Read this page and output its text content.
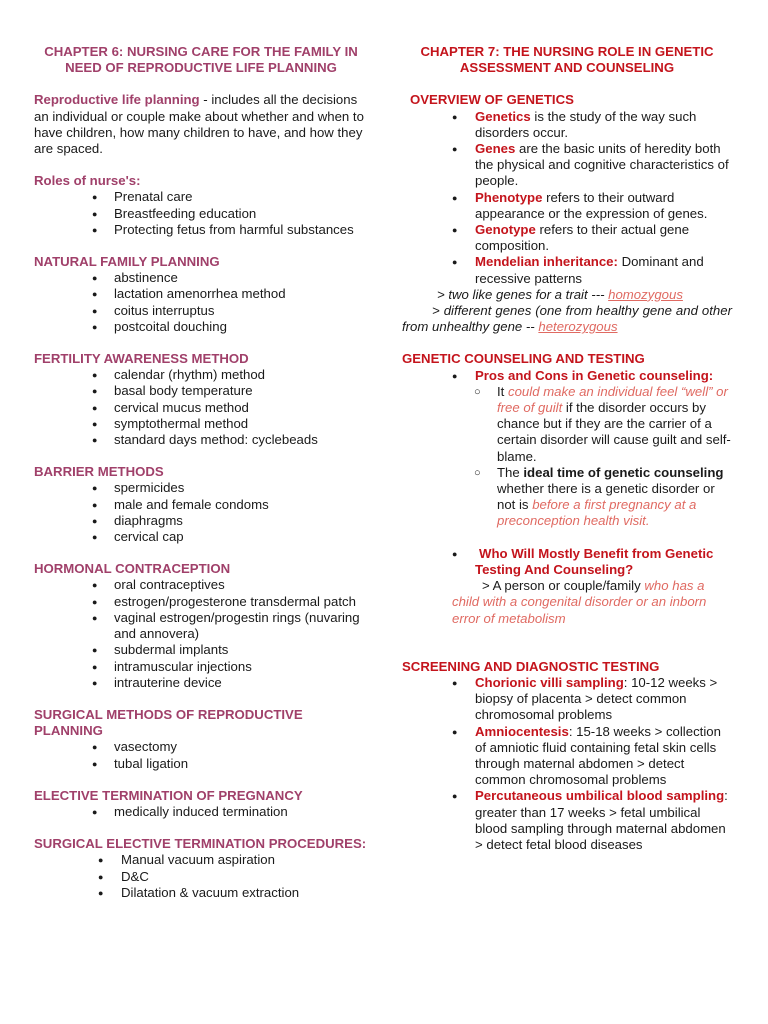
CHAPTER 6: NURSING CARE FOR THE FAMILY IN NEED OF REPRODUCTIVE LIFE PLANNING

Reproductive life planning - includes all the decisions an individual or couple make about whether and when to have children, how many children to have, and how they are spaced.

Roles of nurse's:
● Prenatal care
● Breastfeeding education
● Protecting fetus from harmful substances
NATURAL FAMILY PLANNING
● abstinence
● lactation amenorrhea method
● coitus interruptus
● postcoital douching
FERTILITY AWARENESS METHOD
● calendar (rhythm) method
● basal body temperature
● cervical mucus method
● symptothermal method
● standard days method: cyclebeads
BARRIER METHODS
● spermicides
● male and female condoms
● diaphragms
● cervical cap
HORMONAL CONTRACEPTION
● oral contraceptives
● estrogen/progesterone transdermal patch
● vaginal estrogen/progestin rings (nuvaring and annovera)
● subdermal implants
● intramuscular injections
● intrauterine device
SURGICAL METHODS OF REPRODUCTIVE PLANNING
● vasectomy
● tubal ligation
ELECTIVE TERMINATION OF PREGNANCY
● medically induced termination
SURGICAL ELECTIVE TERMINATION PROCEDURES:
● Manual vacuum aspiration
● D&C
● Dilatation & vacuum extraction
CHAPTER 7: THE NURSING ROLE IN GENETIC ASSESSMENT AND COUNSELING
OVERVIEW OF GENETICS
● Genetics is the study of the way such disorders occur.
● Genes are the basic units of heredity both the physical and cognitive characteristics of people.
● Phenotype refers to their outward appearance or the expression of genes.
● Genotype refers to their actual gene composition.
● Mendelian inheritance: Dominant and recessive patterns

> two like genes for a trait --- homozygous

> different genes (one from healthy gene and other from unhealthy gene -- heterozygous

GENETIC COUNSELING AND TESTING
● Pros and Cons in Genetic counseling:
○ It could make an individual feel “well” or free of guilt if the disorder occurs by chance but if they are the carrier of a certain disorder will cause guilt and self-blame.
○ The ideal time of genetic counseling whether there is a genetic disorder or not is before a first pregnancy at a preconception health visit.
● Who Will Mostly Benefit from Genetic Testing And Counseling?

> A person or couple/family who has a child with a congenital disorder or an inborn error of metabolism

SCREENING AND DIAGNOSTIC TESTING
● Chorionic villi sampling: 10-12 weeks > biopsy of placenta > detect common chromosomal problems
● Amniocentesis: 15-18 weeks > collection of amniotic fluid containing fetal skin cells through maternal abdomen > detect common chromosomal problems
● Percutaneous umbilical blood sampling: greater than 17 weeks > fetal umbilical blood sampling through maternal abdomen > detect fetal blood diseases
